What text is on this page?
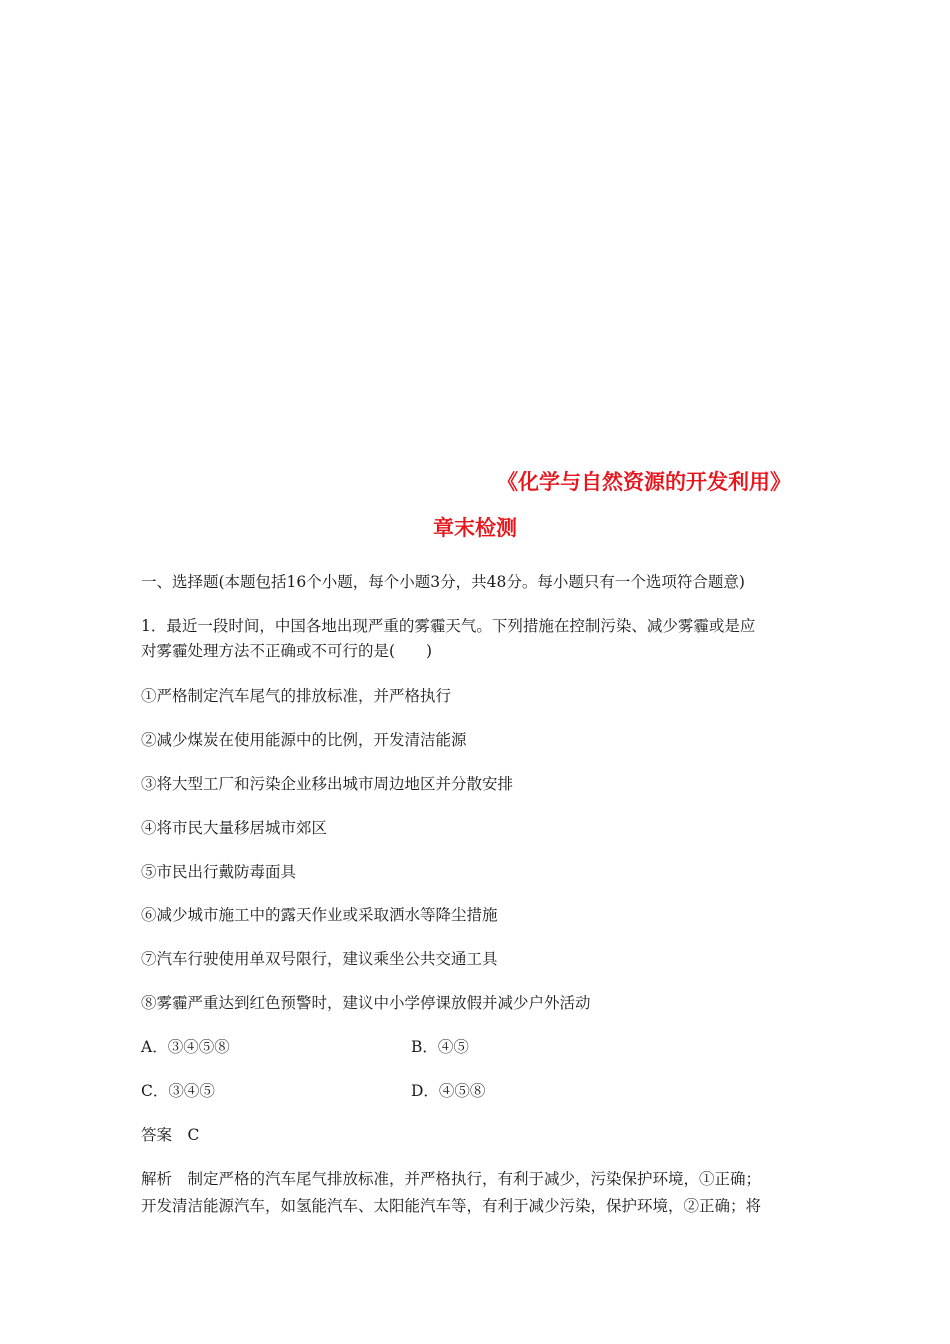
《化学与自然资源的开发利用》
章末检测
一、选择题(本题包括16个小题，每个小题3分，共48分。每小题只有一个选项符合题意)
1．最近一段时间，中国各地出现严重的雾霾天气。下列措施在控制污染、减少雾霾或是应
对雾霾处理方法不正确或不可行的是(　　)
①严格制定汽车尾气的排放标准，并严格执行
②减少煤炭在使用能源中的比例，开发清洁能源
③将大型工厂和污染企业移出城市周边地区并分散安排
④将市民大量移居城市郊区
⑤市民出行戴防毒面具
⑥减少城市施工中的露天作业或采取洒水等降尘措施
⑦汽车行驶使用单双号限行，建议乘坐公共交通工具
⑧雾霾严重达到红色预警时，建议中小学停课放假并减少户外活动
A．③④⑤⑧	B．④⑤
C．③④⑤	D．④⑤⑧
答案　C
解析　制定严格的汽车尾气排放标准，并严格执行，有利于减少，污染保护环境，①正确；
开发清洁能源汽车，如氢能汽车、太阳能汽车等，有利于减少污染，保护环境，②正确；将
